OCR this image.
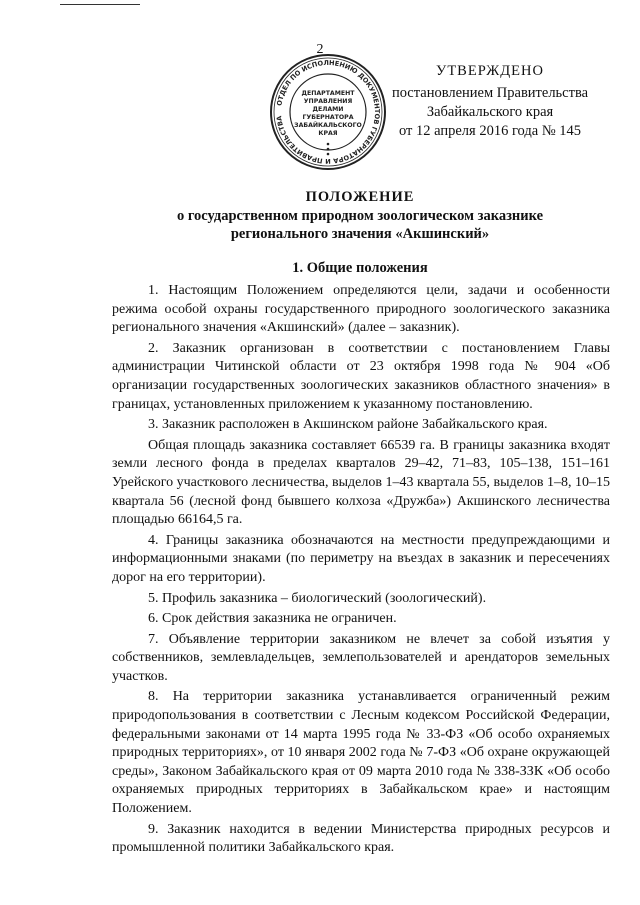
2
УТВЕРЖДЕНО
постановлением Правительства
Забайкальского края
от 12 апреля 2016 года № 145
ОТДЕЛ ПО ИСПОЛНЕНИЮ ДОКУМЕНТОВ ГУБЕРНАТОРА И ПРАВИТЕЛЬСТВА
ДЕПАРТАМЕНТ
УПРАВЛЕНИЯ
ДЕЛАМИ
ГУБЕРНАТОРА
ЗАБАЙКАЛЬСКОГО
КРАЯ
ПОЛОЖЕНИЕ
о государственном природном зоологическом заказнике
регионального значения «Акшинский»
1. Общие положения

1. Настоящим Положением определяются цели, задачи и особенности режима особой охраны государственного природного зоологического заказника регионального значения «Акшинский» (далее – заказник).

2. Заказник организован в соответствии с постановлением Главы администрации Читинской области от 23 октября 1998 года № 904 «Об организации государственных зоологических заказников областного значения» в границах, установленных приложением к указанному постановлению.

3. Заказник расположен в Акшинском районе Забайкальского края.

Общая площадь заказника составляет 66539 га. В границы заказника входят земли лесного фонда в пределах кварталов 29–42, 71–83, 105–138, 151–161 Урейского участкового лесничества, выделов 1–43 квартала 55, выделов 1–8, 10–15 квартала 56 (лесной фонд бывшего колхоза «Дружба») Акшинского лесничества площадью 66164,5 га.

4. Границы заказника обозначаются на местности предупреждающими и информационными знаками (по периметру на въездах в заказник и пересечениях дорог на его территории).

5. Профиль заказника – биологический (зоологический).

6. Срок действия заказника не ограничен.

7. Объявление территории заказником не влечет за собой изъятия у собственников, землевладельцев, землепользователей и арендаторов земельных участков.

8. На территории заказника устанавливается ограниченный режим природопользования в соответствии с Лесным кодексом Российской Федерации, федеральными законами от 14 марта 1995 года № 33-ФЗ «Об особо охраняемых природных территориях», от 10 января 2002 года № 7-ФЗ «Об охране окружающей среды», Законом Забайкальского края от 09 марта 2010 года № 338-ЗЗК «Об особо охраняемых природных территориях в Забайкальском крае» и настоящим Положением.

9. Заказник находится в ведении Министерства природных ресурсов и промышленной политики Забайкальского края.
